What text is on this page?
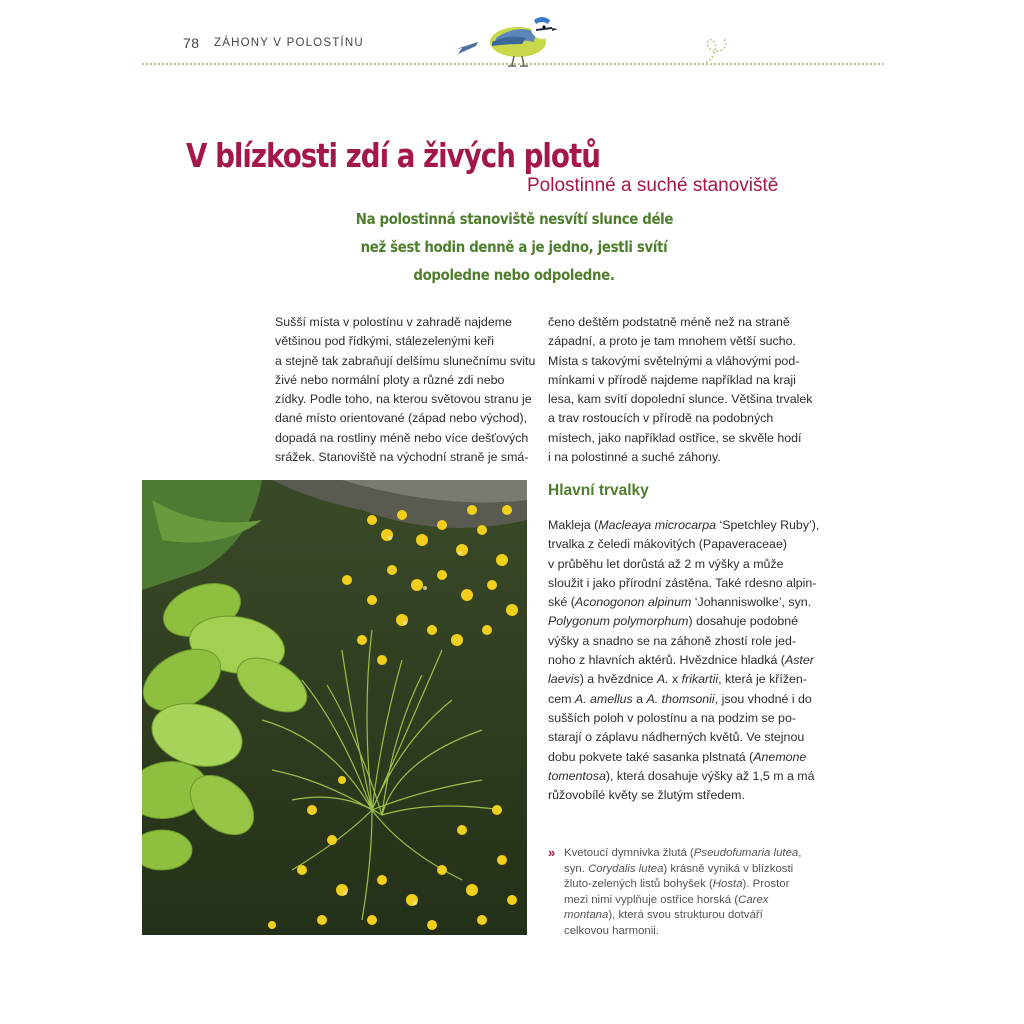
78 ZÁHONY V POLOSTÍNU
V blízkosti zdí a živých plotů
Polostinné a suché stanoviště
Na polostinná stanoviště nesvítí slunce déle
než šest hodin denně a je jedno, jestli svítí
dopoledne nebo odpoledne.
Sušší místa v polostínu v zahradě najdeme
většinou pod řídkými, stálezelenými keři
a stejně tak zabraňují delšímu slunečnímu svitu
živé nebo normální ploty a různé zdi nebo
zídky. Podle toho, na kterou světovou stranu je
dané místo orientované (západ nebo východ),
dopadá na rostliny méně nebo více dešťových
srážek. Stanoviště na východní straně je smá-
čeno deštěm podstatně méně než na straně
západní, a proto je tam mnohem větší sucho.
Místa s takovými světelnými a vláhovými pod-
mínkami v přírodě najdeme například na kraji
lesa, kam svítí dopolední slunce. Většina trvalek
a trav rostoucích v přírodě na podobných
místech, jako například ostřice, se skvěle hodí
i na polostinné a suché záhony.
Hlavní trvalky
Makleja (Macleaya microcarpa ‘Spetchley Ruby’),
trvalka z čeledi mákovitých (Papaveraceae)
v průběhu let dorůstá až 2 m výšky a může
sloužit i jako přírodní zástěna. Také rdesno alpin-
ské (Aconogonon alpinum ‘Johanniswolke’, syn.
Polygonum polymorphum) dosahuje podobné
výšky a snadno se na záhoně zhostí role jed-
noho z hlavních aktérů. Hvězdnice hladká (Aster
laevis) a hvězdnice A. x frikartii, která je křížen-
cem A. amellus a A. thomsonii, jsou vhodné i do
sušších poloh v polostínu a na podzim se po-
starají o záplavu nádherných květů. Ve stejnou
dobu pokvete také sasanka plstnatá (Anemone
tomentosa), která dosahuje výšky až 1,5 m a má
růžovobílé květy se žlutým středem.
» Kvetoucí dymnivka žlutá (Pseudofumaria lutea,
syn. Corydalis lutea) krásně vyniká v blízkosti
žluto-zelených listů bohyšek (Hosta). Prostor
mezi nimi vyplňuje ostřice horská (Carex
montana), která svou strukturou dotváří
celkovou harmonii.
